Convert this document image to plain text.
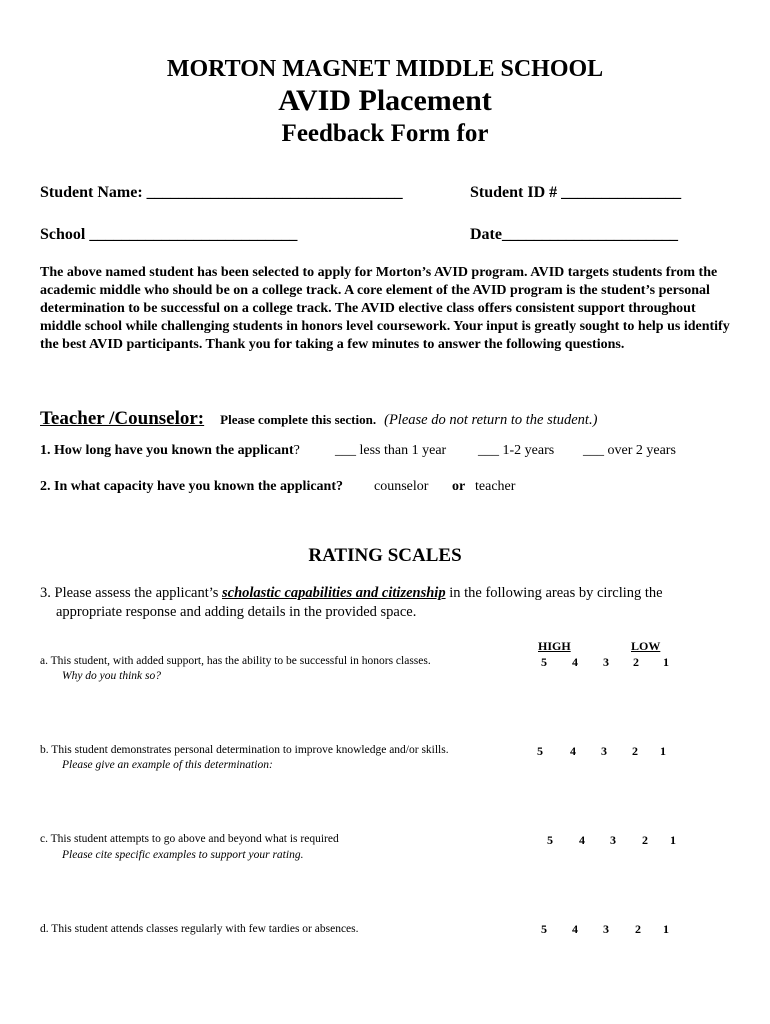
MORTON MAGNET MIDDLE SCHOOL
AVID Placement
Feedback Form for
Student Name: ________________________________	Student ID # _______________
School __________________________	Date______________________
The above named student has been selected to apply for Morton’s AVID program. AVID targets students from the academic middle who should be on a college track. A core element of the AVID program is the student’s personal determination to be successful on a college track. The AVID elective class offers consistent support throughout middle school while challenging students in honors level coursework. Your input is greatly sought to help us identify the best AVID participants. Thank you for taking a few minutes to answer the following questions.
Teacher /Counselor: Please complete this section. (Please do not return to the student.)
1. How long have you known the applicant?	___ less than 1 year ___ 1-2 years ___ over 2 years
2. In what capacity have you known the applicant? counselor or teacher
RATING SCALES
3. Please assess the applicant’s scholastic capabilities and citizenship in the following areas by circling the
appropriate response and adding details in the provided space.
HIGH	LOW
a. This student, with added support, has the ability to be successful in honors classes.
Why do you think so?
5 4 3 2 1
b. This student demonstrates personal determination to improve knowledge and/or skills.
Please give an example of this determination:
5 4 3 2 1
c. This student attempts to go above and beyond what is required
Please cite specific examples to support your rating.
5 4 3 2 1
d. This student attends classes regularly with few tardies or absences.	5 4 3 2 1
